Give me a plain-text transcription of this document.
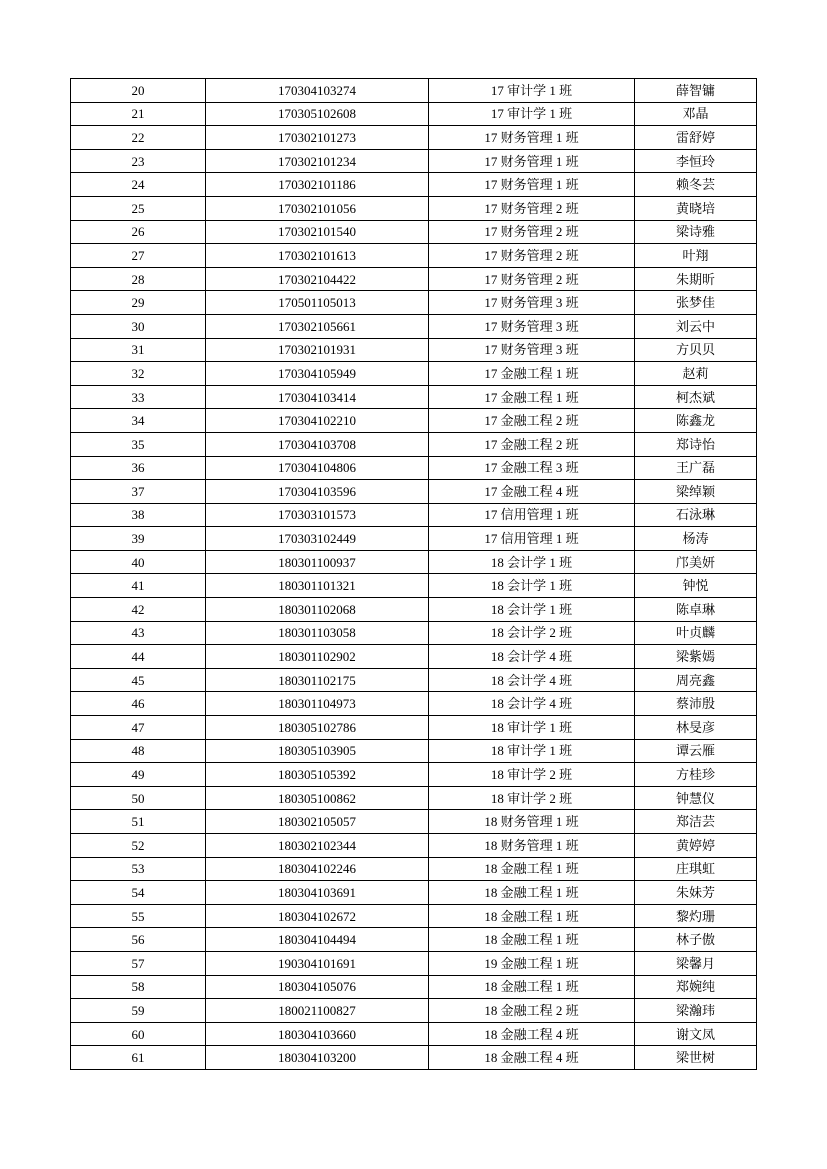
20	170304103274	17 审计学 1 班	薛智镛
21	170305102608	17 审计学 1 班	邓晶
22	170302101273	17 财务管理 1 班	雷舒婷
23	170302101234	17 财务管理 1 班	李恒玲
24	170302101186	17 财务管理 1 班	赖冬芸
25	170302101056	17 财务管理 2 班	黄晓培
26	170302101540	17 财务管理 2 班	梁诗雅
27	170302101613	17 财务管理 2 班	叶翔
28	170302104422	17 财务管理 2 班	朱期昕
29	170501105013	17 财务管理 3 班	张梦佳
30	170302105661	17 财务管理 3 班	刘云中
31	170302101931	17 财务管理 3 班	方贝贝
32	170304105949	17 金融工程 1 班	赵莉
33	170304103414	17 金融工程 1 班	柯杰斌
34	170304102210	17 金融工程 2 班	陈鑫龙
35	170304103708	17 金融工程 2 班	郑诗怡
36	170304104806	17 金融工程 3 班	王广磊
37	170304103596	17 金融工程 4 班	梁绰颖
38	170303101573	17 信用管理 1 班	石泳琳
39	170303102449	17 信用管理 1 班	杨涛
40	180301100937	18 会计学 1 班	邝美妍
41	180301101321	18 会计学 1 班	钟悦
42	180301102068	18 会计学 1 班	陈卓琳
43	180301103058	18 会计学 2 班	叶贞麟
44	180301102902	18 会计学 4 班	梁紫嫣
45	180301102175	18 会计学 4 班	周亮鑫
46	180301104973	18 会计学 4 班	蔡沛殷
47	180305102786	18 审计学 1 班	林旻彦
48	180305103905	18 审计学 1 班	谭云雁
49	180305105392	18 审计学 2 班	方桂珍
50	180305100862	18 审计学 2 班	钟慧仪
51	180302105057	18 财务管理 1 班	郑洁芸
52	180302102344	18 财务管理 1 班	黄婷婷
53	180304102246	18 金融工程 1 班	庄琪虹
54	180304103691	18 金融工程 1 班	朱妹芳
55	180304102672	18 金融工程 1 班	黎灼珊
56	180304104494	18 金融工程 1 班	林子傲
57	190304101691	19 金融工程 1 班	梁馨月
58	180304105076	18 金融工程 1 班	郑婉纯
59	180021100827	18 金融工程 2 班	梁瀚玮
60	180304103660	18 金融工程 4 班	谢文凤
61	180304103200	18 金融工程 4 班	梁世树
